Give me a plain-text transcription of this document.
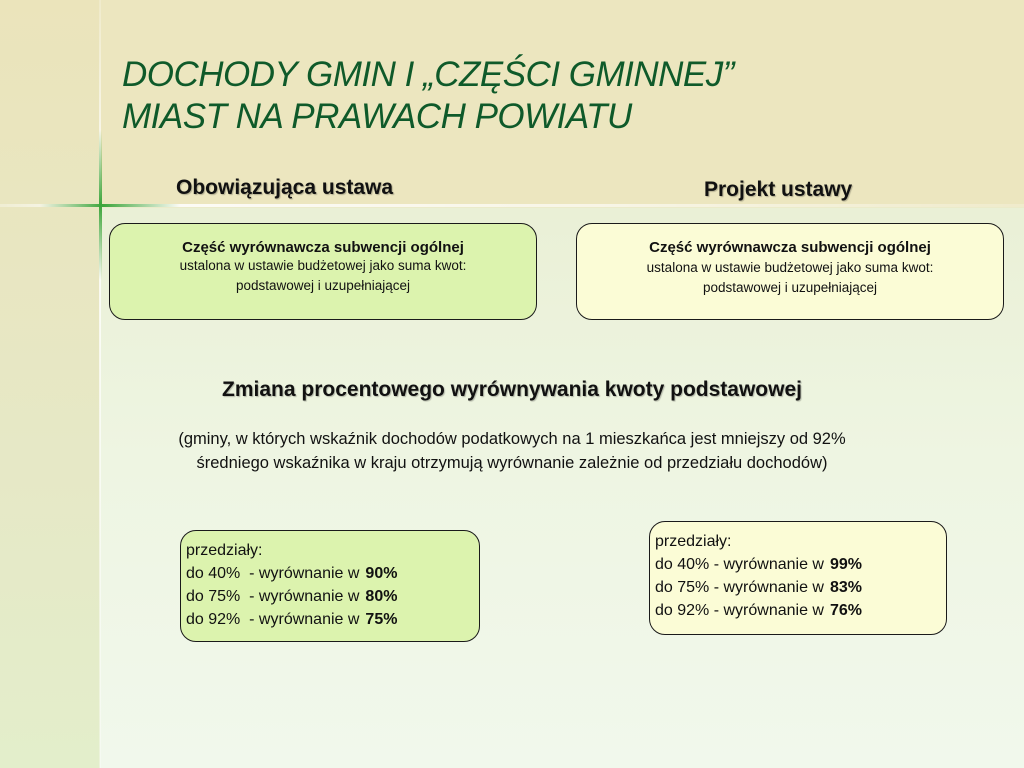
DOCHODY GMIN I „CZĘŚCI GMINNEJ”
MIAST NA PRAWACH POWIATU
Obowiązująca ustawa	Projekt ustawy
Część wyrównawcza subwencji ogólnej
ustalona w ustawie budżetowej jako suma kwot:
podstawowej i uzupełniającej
Część wyrównawcza subwencji ogólnej
ustalona w ustawie budżetowej jako suma kwot:
podstawowej i uzupełniającej
Zmiana procentowego wyrównywania kwoty podstawowej
(gminy, w których wskaźnik dochodów podatkowych na 1 mieszkańca jest mniejszy od 92%
średniego wskaźnika w kraju otrzymują wyrównanie zależnie od przedziału dochodów)
przedziały:
do 40%  - wyrównanie w 90%
do 75%  - wyrównanie w 80%
do 92%  - wyrównanie w 75%
przedziały:
do 40% - wyrównanie w 99%
do 75% - wyrównanie w 83%
do 92% - wyrównanie w 76%
